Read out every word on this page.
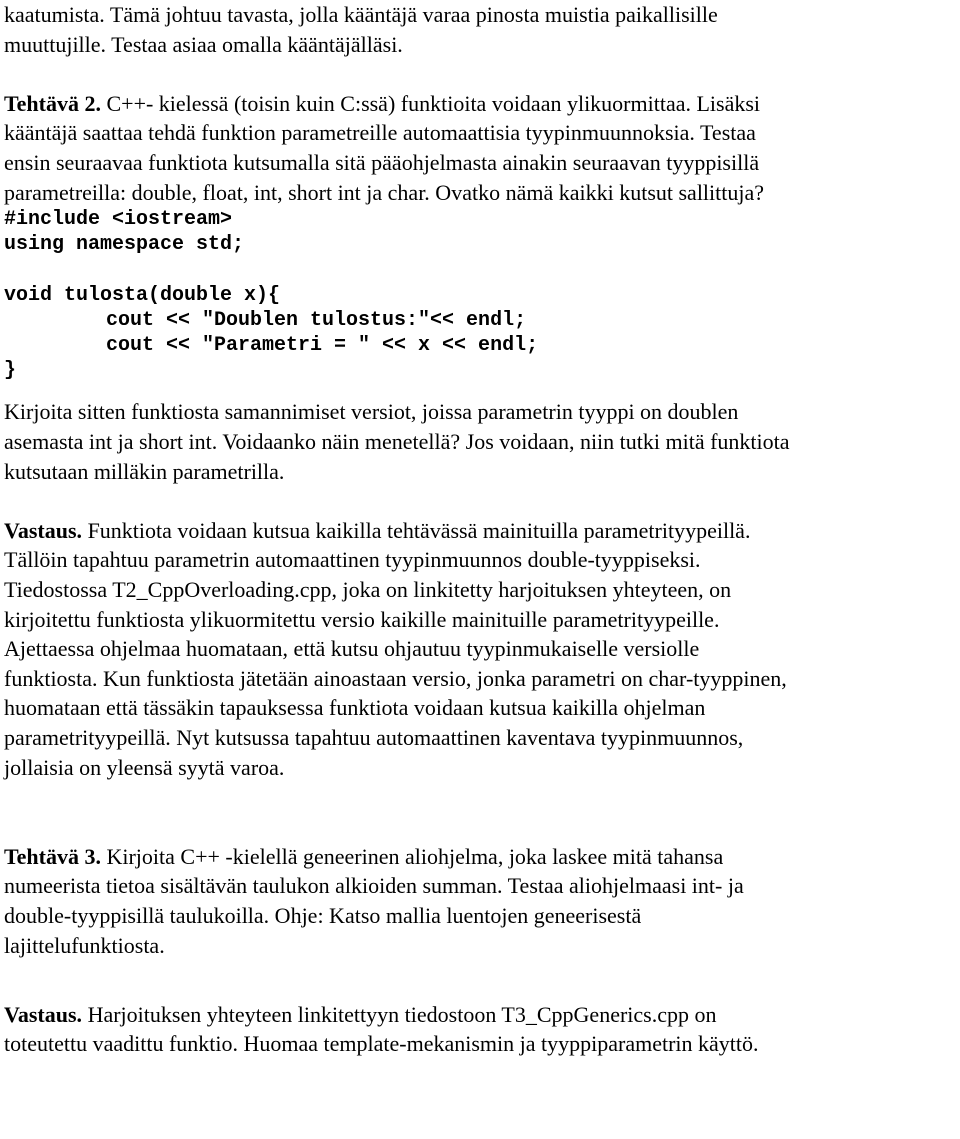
kaatumista. Tämä johtuu tavasta, jolla kääntäjä varaa pinosta muistia paikallisille
muuttujille. Testaa asiaa omalla kääntäjälläsi.
Tehtävä 2. C++- kielessä (toisin kuin C:ssä) funktioita voidaan ylikuormittaa. Lisäksi
kääntäjä saattaa tehdä funktion parametreille automaattisia tyypinmuunnoksia. Testaa
ensin seuraavaa funktiota kutsumalla sitä pääohjelmasta ainakin seuraavan tyyppisillä
parametreilla: double, float, int, short int ja char. Ovatko nämä kaikki kutsut sallittuja?
#include <iostream>
using namespace std;
void tulosta(double x){
cout << "Doublen tulostus:"<< endl;
cout << "Parametri = " << x << endl;
}
Kirjoita sitten funktiosta samannimiset versiot, joissa parametrin tyyppi on doublen
asemasta int ja short int. Voidaanko näin menetellä? Jos voidaan, niin tutki mitä funktiota
kutsutaan milläkin parametrilla.
Vastaus. Funktiota voidaan kutsua kaikilla tehtävässä mainituilla parametrityypeillä.
Tällöin tapahtuu parametrin automaattinen tyypinmuunnos double-tyyppiseksi.
Tiedostossa T2_CppOverloading.cpp, joka on linkitetty harjoituksen yhteyteen, on
kirjoitettu funktiosta ylikuormitettu versio kaikille mainituille parametrityypeille.
Ajettaessa ohjelmaa huomataan, että kutsu ohjautuu tyypinmukaiselle versiolle
funktiosta. Kun funktiosta jätetään ainoastaan versio, jonka parametri on char-tyyppinen,
huomataan että tässäkin tapauksessa funktiota voidaan kutsua kaikilla ohjelman
parametrityypeillä. Nyt kutsussa tapahtuu automaattinen kaventava tyypinmuunnos,
jollaisia on yleensä syytä varoa.
Tehtävä 3. Kirjoita C++ -kielellä geneerinen aliohjelma, joka laskee mitä tahansa
numeerista tietoa sisältävän taulukon alkioiden summan. Testaa aliohjelmaasi int- ja
double-tyyppisillä taulukoilla. Ohje: Katso mallia luentojen geneerisestä
lajittelufunktiosta.
Vastaus. Harjoituksen yhteyteen linkitettyyn tiedostoon T3_CppGenerics.cpp on
toteutettu vaadittu funktio. Huomaa template-mekanismin ja tyyppiparametrin käyttö.
